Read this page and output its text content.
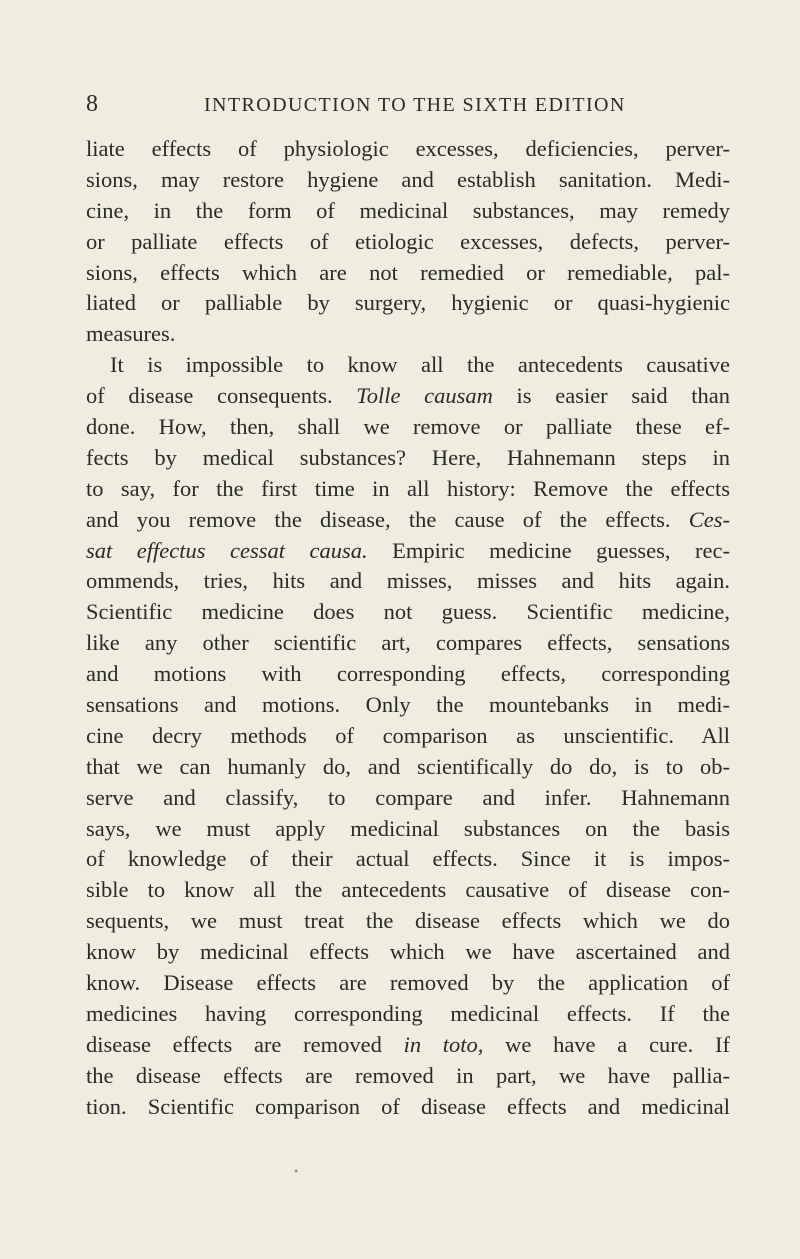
8	INTRODUCTION TO THE SIXTH EDITION
liate effects of physiologic excesses, deficiencies, perver-
sions, may restore hygiene and establish sanitation. Medi-
cine, in the form of medicinal substances, may remedy
or palliate effects of etiologic excesses, defects, perver-
sions, effects which are not remedied or remediable, pal-
liated or palliable by surgery, hygienic or quasi-hygienic
measures.
It is impossible to know all the antecedents causative
of disease consequents. Tolle causam is easier said than
done. How, then, shall we remove or palliate these ef-
fects by medical substances? Here, Hahnemann steps in
to say, for the first time in all history: Remove the effects
and you remove the disease, the cause of the effects. Ces-
sat effectus cessat causa. Empiric medicine guesses, rec-
ommends, tries, hits and misses, misses and hits again.
Scientific medicine does not guess. Scientific medicine,
like any other scientific art, compares effects, sensations
and motions with corresponding effects, corresponding
sensations and motions. Only the mountebanks in medi-
cine decry methods of comparison as unscientific. All
that we can humanly do, and scientifically do do, is to ob-
serve and classify, to compare and infer. Hahnemann
says, we must apply medicinal substances on the basis
of knowledge of their actual effects. Since it is impos-
sible to know all the antecedents causative of disease con-
sequents, we must treat the disease effects which we do
know by medicinal effects which we have ascertained and
know. Disease effects are removed by the application of
medicines having corresponding medicinal effects. If the
disease effects are removed in toto, we have a cure. If
the disease effects are removed in part, we have pallia-
tion. Scientific comparison of disease effects and medicinal
•
